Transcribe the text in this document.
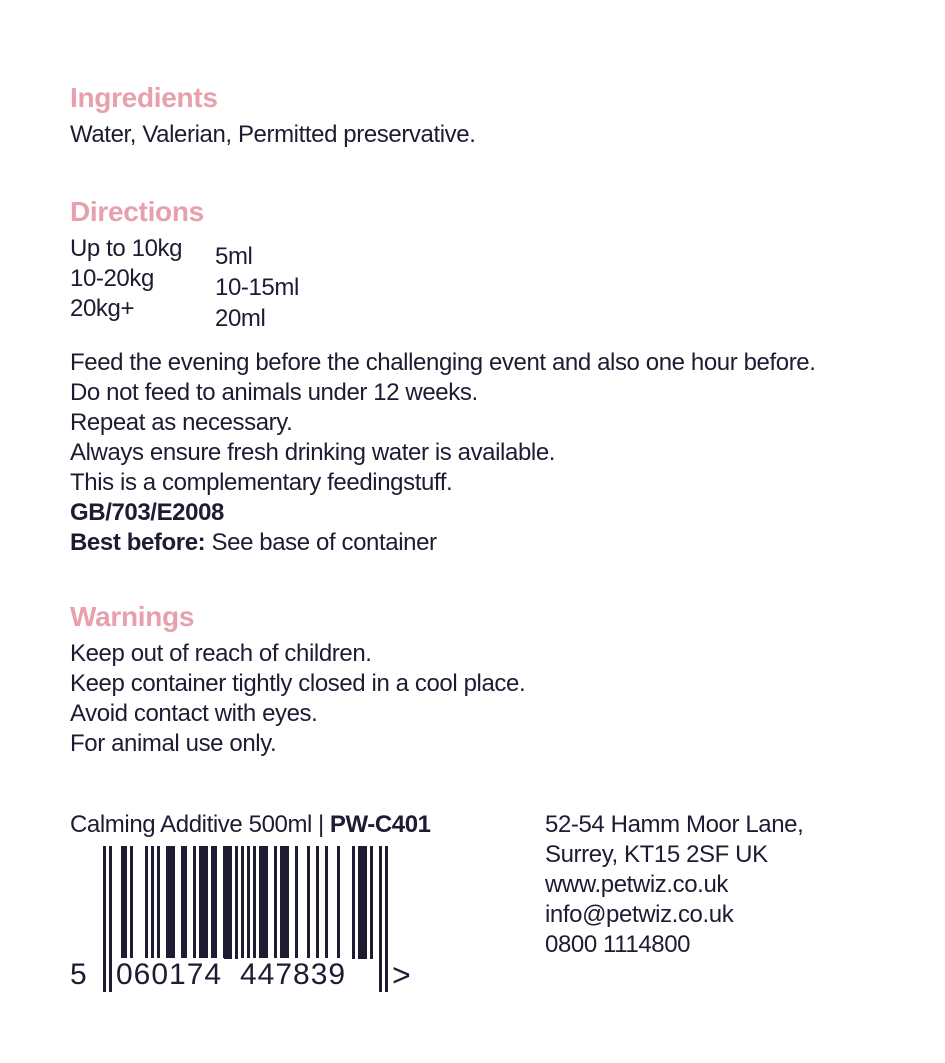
Ingredients
Water, Valerian, Permitted preservative.
Directions
Up to 10kg
10-20kg
20kg+
5ml
10-15ml
20ml
Feed the evening before the challenging event and also one hour before.
Do not feed to animals under 12 weeks.
Repeat as necessary.
Always ensure fresh drinking water is available.
This is a complementary feedingstuff.
GB/703/E2008
Best before: See base of container
Warnings
Keep out of reach of children.
Keep container tightly closed in a cool place.
Avoid contact with eyes.
For animal use only.
Calming Additive 500ml | PW-C401
5 060174 447839 >
52-54 Hamm Moor Lane,
Surrey, KT15 2SF UK
www.petwiz.co.uk
info@petwiz.co.uk
0800 1114800
